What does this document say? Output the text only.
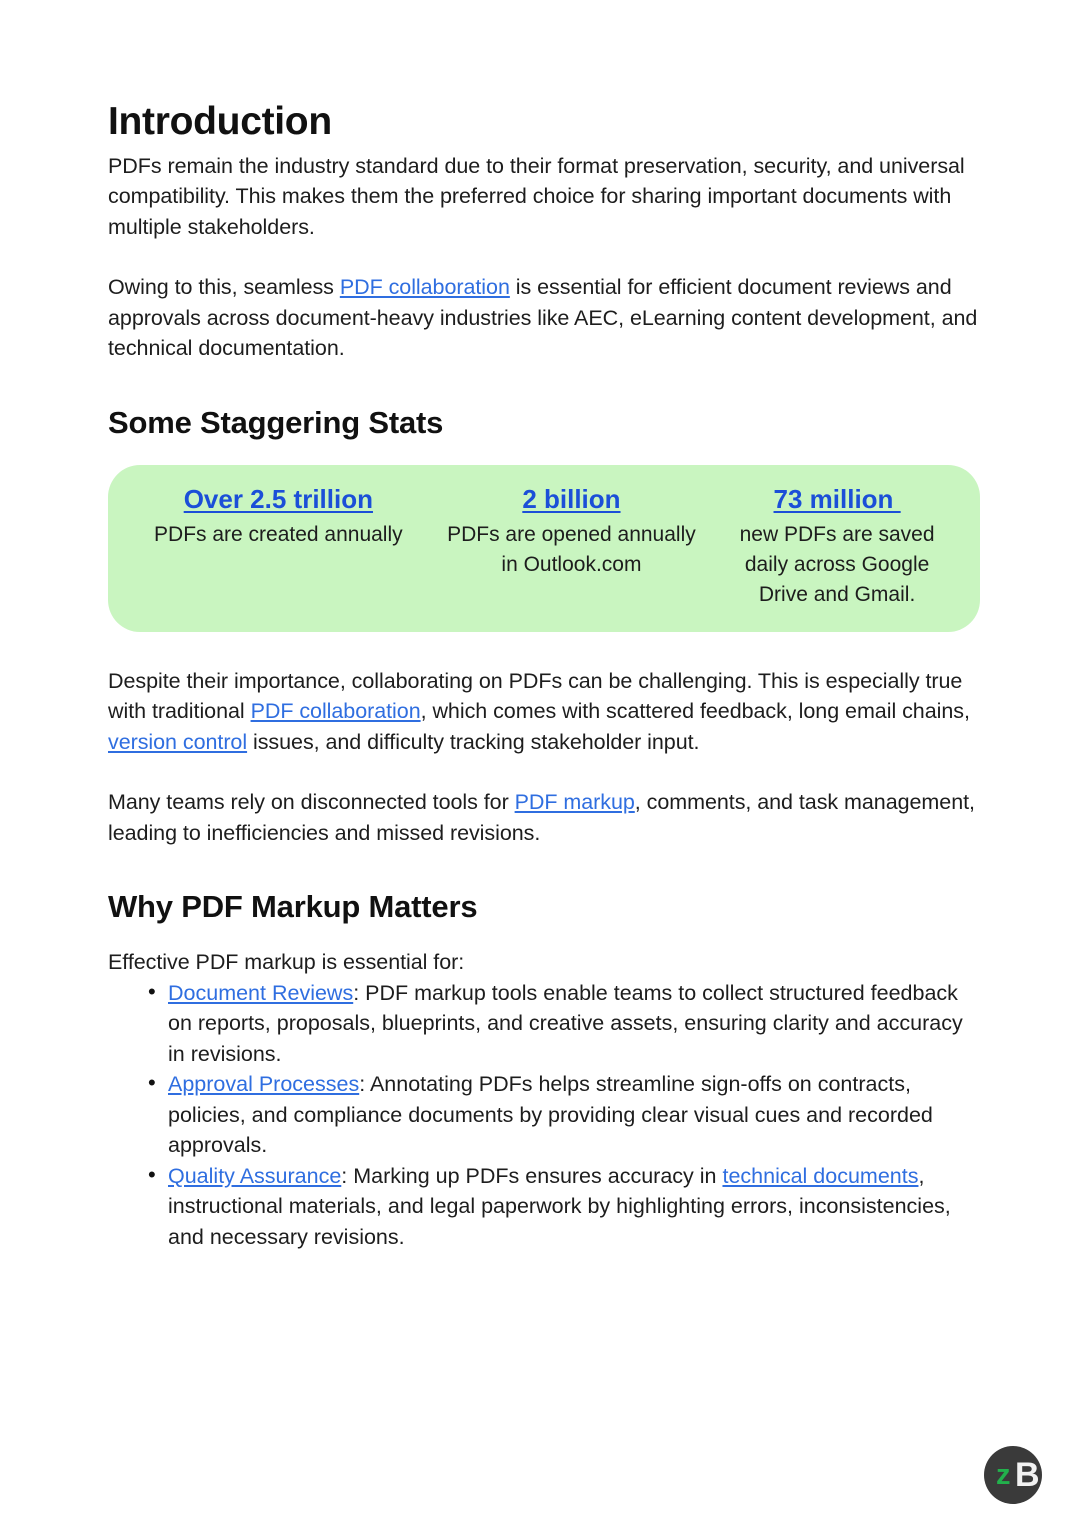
Introduction

PDFs remain the industry standard due to their format preservation, security, and universal compatibility. This makes them the preferred choice for sharing important documents with multiple stakeholders.

Owing to this, seamless PDF collaboration is essential for efficient document reviews and approvals across document-heavy industries like AEC, eLearning content development, and technical documentation.

Some Staggering Stats
Over 2.5 trillion
PDFs are created annually
2 billion
PDFs are opened annually in Outlook.com
73 million
new PDFs are saved daily across Google Drive and Gmail.

Despite their importance, collaborating on PDFs can be challenging. This is especially true with traditional PDF collaboration, which comes with scattered feedback, long email chains, version control issues, and difficulty tracking stakeholder input.

Many teams rely on disconnected tools for PDF markup, comments, and task management, leading to inefficiencies and missed revisions.

Why PDF Markup Matters

Effective PDF markup is essential for:

• Document Reviews: PDF markup tools enable teams to collect structured feedback on reports, proposals, blueprints, and creative assets, ensuring clarity and accuracy in revisions.
• Approval Processes: Annotating PDFs helps streamline sign-offs on contracts, policies, and compliance documents by providing clear visual cues and recorded approvals.
• Quality Assurance: Marking up PDFs ensures accuracy in technical documents, instructional materials, and legal paperwork by highlighting errors, inconsistencies, and necessary revisions.
z B
